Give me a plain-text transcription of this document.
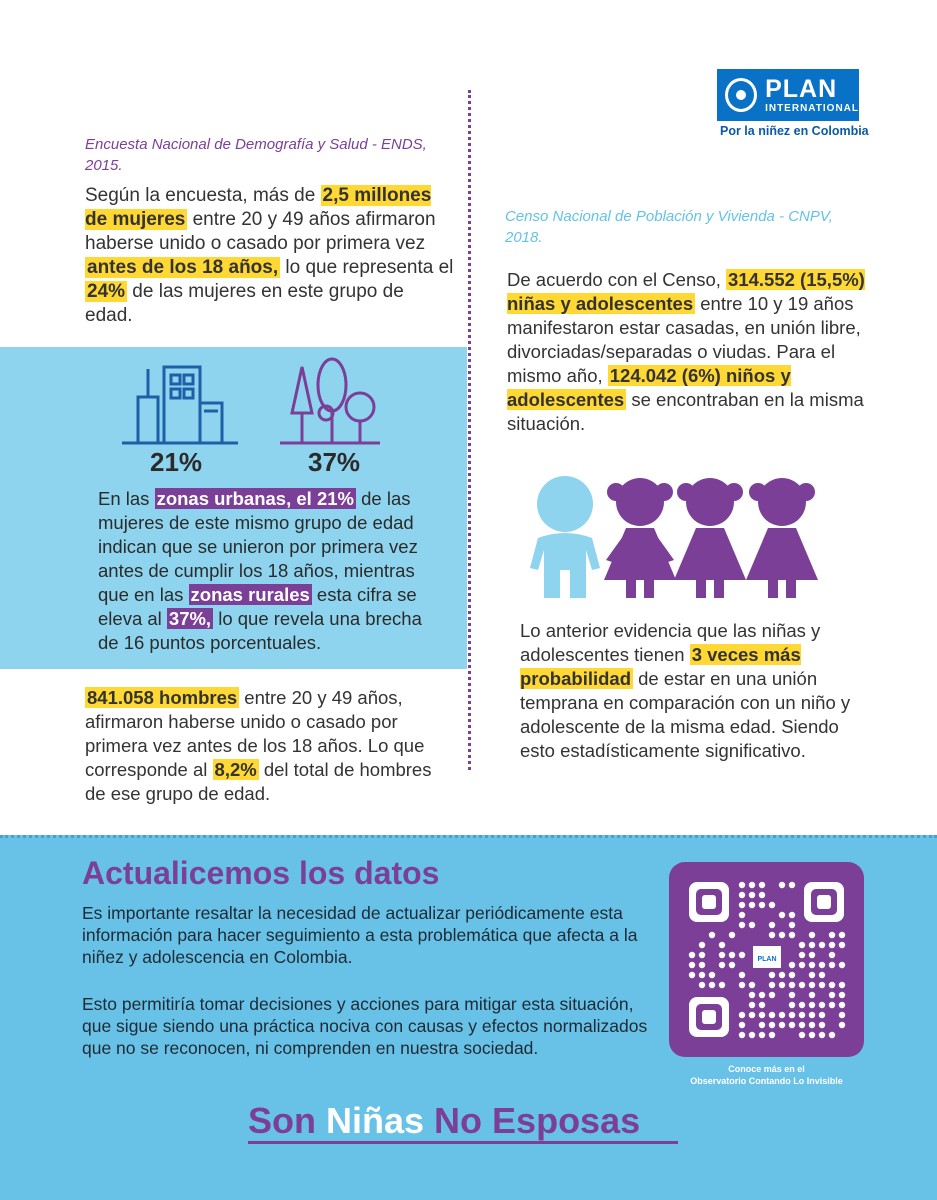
PLAN
INTERNATIONAL
Por la niñez en Colombia
Encuesta Nacional de Demografía y Salud - ENDS, 2015.

Según la encuesta, más de 2,5 millones de mujeres entre 20 y 49 años afirmaron haberse unido o casado por primera vez antes de los 18 años, lo que representa el 24% de las mujeres en este grupo de edad.

21%	37%

En las zonas urbanas, el 21% de las mujeres de este mismo grupo de edad indican que se unieron por primera vez antes de cumplir los 18 años, mientras que en las zonas rurales esta cifra se eleva al 37%, lo que revela una brecha de 16 puntos porcentuales.

841.058 hombres entre 20 y 49 años, afirmaron haberse unido o casado por primera vez antes de los 18 años. Lo que corresponde al 8,2% del total de hombres de ese grupo de edad.

Censo Nacional de Población y Vivienda - CNPV, 2018.

De acuerdo con el Censo, 314.552 (15,5%) niñas y adolescentes entre 10 y 19 años manifestaron estar casadas, en unión libre, divorciadas/separadas o viudas. Para el mismo año, 124.042 (6%) niños y adolescentes se encontraban en la misma situación.

Lo anterior evidencia que las niñas y adolescentes tienen 3 veces más probabilidad de estar en una unión temprana en comparación con un niño y adolescente de la misma edad. Siendo esto estadísticamente significativo.

Actualicemos los datos

Es importante resaltar la necesidad de actualizar periódicamente esta información para hacer seguimiento a esta problemática que afecta a la niñez y adolescencia en Colombia.

Esto permitiría tomar decisiones y acciones para mitigar esta situación, que sigue siendo una práctica nociva con causas y efectos normalizados que no se reconocen, ni comprenden en nuestra sociedad.

PLAN
Conoce más en el
Observatorio Contando Lo Invisible
Son Niñas No Esposas
